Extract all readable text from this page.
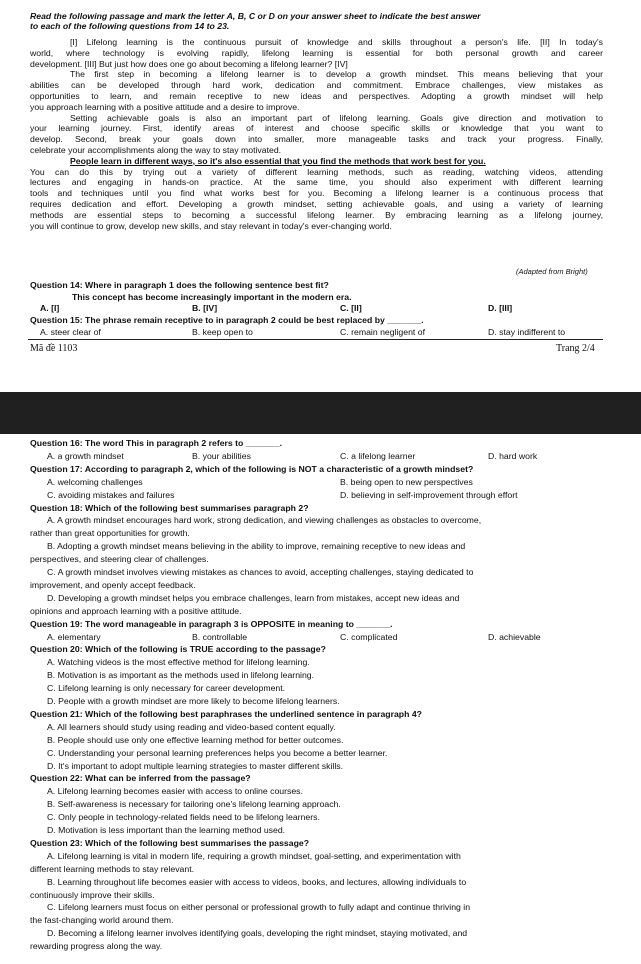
Read the following passage and mark the letter A, B, C or D on your answer sheet to indicate the best answer
to each of the following questions from 14 to 23.
[I] Lifelong learning is the continuous pursuit of knowledge and skills throughout a person's life. [II] In today's
world, where technology is evolving rapidly, lifelong learning is essential for both personal growth and career
development. [III] But just how does one go about becoming a lifelong learner? [IV]
The first step in becoming a lifelong learner is to develop a growth mindset. This means believing that your
abilities can be developed through hard work, dedication and commitment. Embrace challenges, view mistakes as
opportunities to learn, and remain receptive to new ideas and perspectives. Adopting a growth mindset will help
you approach learning with a positive attitude and a desire to improve.
Setting achievable goals is also an important part of lifelong learning. Goals give direction and motivation to
your learning journey. First, identify areas of interest and choose specific skills or knowledge that you want to
develop. Second, break your goals down into smaller, more manageable tasks and track your progress. Finally,
celebrate your accomplishments along the way to stay motivated.
People learn in different ways, so it's also essential that you find the methods that work best for you.
You can do this by trying out a variety of different learning methods, such as reading, watching videos, attending
lectures and engaging in hands-on practice. At the same time, you should also experiment with different learning
tools and techniques until you find what works best for you. Becoming a lifelong learner is a continuous process that
requires dedication and effort. Developing a growth mindset, setting achievable goals, and using a variety of learning
methods are essential steps to becoming a successful lifelong learner. By embracing learning as a lifelong journey,
you will continue to grow, develop new skills, and stay relevant in today's ever-changing world.
(Adapted from Bright)
Question 14: Where in paragraph 1 does the following sentence best fit?
This concept has become increasingly important in the modern era.
A. [I]	B. [IV]	C. [II]	D. [III]
Question 15: The phrase remain receptive to in paragraph 2 could be best replaced by _______.
A. steer clear of	B. keep open to	C. remain negligent of	D. stay indifferent to
Mã đề 1103	Trang 2/4
Question 16: The word This in paragraph 2 refers to _______.
A. a growth mindset	B. your abilities	C. a lifelong learner	D. hard work
Question 17: According to paragraph 2, which of the following is NOT a characteristic of a growth mindset?
A. welcoming challenges	B. being open to new perspectives
C. avoiding mistakes and failures	D. believing in self-improvement through effort
Question 18: Which of the following best summarises paragraph 2?
A. A growth mindset encourages hard work, strong dedication, and viewing challenges as obstacles to overcome,
rather than great opportunities for growth.
B. Adopting a growth mindset means believing in the ability to improve, remaining receptive to new ideas and
perspectives, and steering clear of challenges.
C. A growth mindset involves viewing mistakes as chances to avoid, accepting challenges, staying dedicated to
improvement, and openly accept feedback.
D. Developing a growth mindset helps you embrace challenges, learn from mistakes, accept new ideas and
opinions and approach learning with a positive attitude.
Question 19: The word manageable in paragraph 3 is OPPOSITE in meaning to _______.
A. elementary	B. controllable	C. complicated	D. achievable
Question 20: Which of the following is TRUE according to the passage?
A. Watching videos is the most effective method for lifelong learning.
B. Motivation is as important as the methods used in lifelong learning.
C. Lifelong learning is only necessary for career development.
D. People with a growth mindset are more likely to become lifelong learners.
Question 21: Which of the following best paraphrases the underlined sentence in paragraph 4?
A. All learners should study using reading and video-based content equally.
B. People should use only one effective learning method for better outcomes.
C. Understanding your personal learning preferences helps you become a better learner.
D. It's important to adopt multiple learning strategies to master different skills.
Question 22: What can be inferred from the passage?
A. Lifelong learning becomes easier with access to online courses.
B. Self-awareness is necessary for tailoring one's lifelong learning approach.
C. Only people in technology-related fields need to be lifelong learners.
D. Motivation is less important than the learning method used.
Question 23: Which of the following best summarises the passage?
A. Lifelong learning is vital in modern life, requiring a growth mindset, goal-setting, and experimentation with
different learning methods to stay relevant.
B. Learning throughout life becomes easier with access to videos, books, and lectures, allowing individuals to
continuously improve their skills.
C. Lifelong learners must focus on either personal or professional growth to fully adapt and continue thriving in
the fast-changing world around them.
D. Becoming a lifelong learner involves identifying goals, developing the right mindset, staying motivated, and
rewarding progress along the way.
